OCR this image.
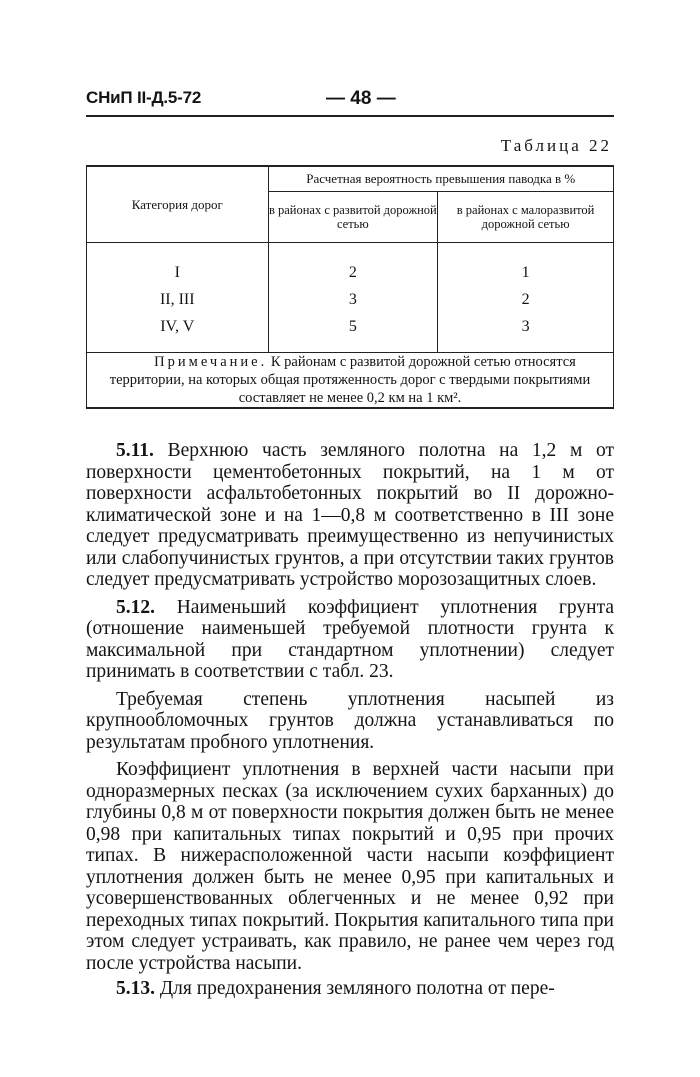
СНиП II-Д.5-72	— 48 —
Таблица 22
Категория дорог	Расчетная вероятность превышения паводка в %	
	в районах с развитой дорожной сетью	в районах с малоразвитой дорожной сетью
I	2	1
II, III	3	2
IV, V	5	3
Примечание. К районам с развитой дорожной сетью относятся территории, на которых общая протяженность дорог с твердыми покрытиями составляет не менее 0,2 км на 1 км².		

5.11. Верхнюю часть земляного полотна на 1,2 м от поверхности цементобетонных покрытий, на 1 м от поверхности асфальтобетонных покрытий во II дорожно-климатической зоне и на 1—0,8 м соответственно в III зоне следует предусматривать преимущественно из непучинистых или слабопучинистых грунтов, а при отсутствии таких грунтов следует предусматривать устройство морозозащитных слоев.

5.12. Наименьший коэффициент уплотнения грунта (отношение наименьшей требуемой плотности грунта к максимальной при стандартном уплотнении) следует принимать в соответствии с табл. 23.

Требуемая степень уплотнения насыпей из крупнообломочных грунтов должна устанавливаться по результатам пробного уплотнения.

Коэффициент уплотнения в верхней части насыпи при одноразмерных песках (за исключением сухих барханных) до глубины 0,8 м от поверхности покрытия должен быть не менее 0,98 при капитальных типах покрытий и 0,95 при прочих типах. В нижерасположенной части насыпи коэффициент уплотнения должен быть не менее 0,95 при капитальных и усовершенствованных облегченных и не менее 0,92 при переходных типах покрытий. Покрытия капитального типа при этом следует устраивать, как правило, не ранее чем через год после устройства насыпи.

5.13. Для предохранения земляного полотна от пере-
